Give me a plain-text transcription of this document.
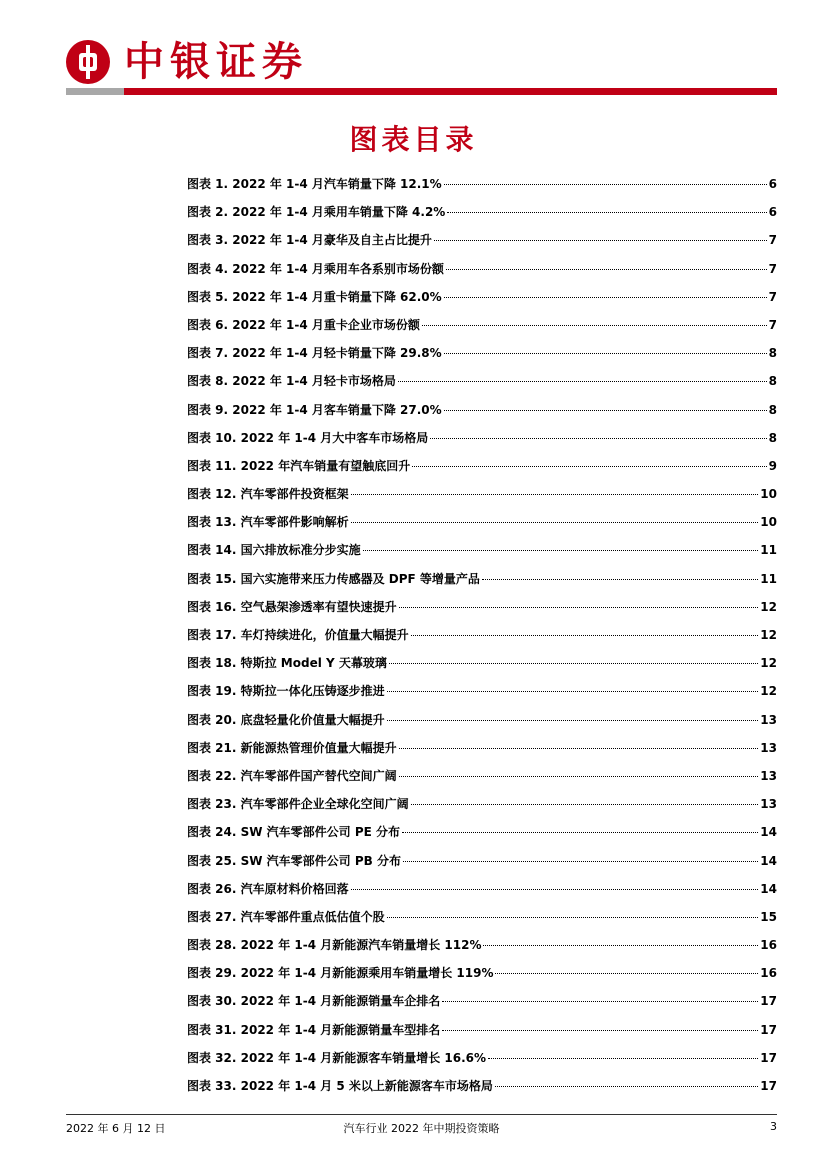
中银证券
图表目录
图表 1. 2022 年 1-4 月汽车销量下降 12.1%	6
图表 2. 2022 年 1-4 月乘用车销量下降 4.2%	6
图表 3. 2022 年 1-4 月豪华及自主占比提升	7
图表 4. 2022 年 1-4 月乘用车各系别市场份额	7
图表 5. 2022 年 1-4 月重卡销量下降 62.0%	7
图表 6. 2022 年 1-4 月重卡企业市场份额	7
图表 7. 2022 年 1-4 月轻卡销量下降 29.8%	8
图表 8. 2022 年 1-4 月轻卡市场格局	8
图表 9. 2022 年 1-4 月客车销量下降 27.0%	8
图表 10. 2022 年 1-4 月大中客车市场格局	8
图表 11. 2022 年汽车销量有望触底回升	9
图表 12. 汽车零部件投资框架	10
图表 13. 汽车零部件影响解析	10
图表 14. 国六排放标准分步实施	11
图表 15. 国六实施带来压力传感器及 DPF 等增量产品	11
图表 16. 空气悬架渗透率有望快速提升	12
图表 17. 车灯持续进化，价值量大幅提升	12
图表 18. 特斯拉 Model Y 天幕玻璃	12
图表 19. 特斯拉一体化压铸逐步推进	12
图表 20. 底盘轻量化价值量大幅提升	13
图表 21. 新能源热管理价值量大幅提升	13
图表 22. 汽车零部件国产替代空间广阔	13
图表 23. 汽车零部件企业全球化空间广阔	13
图表 24. SW 汽车零部件公司 PE 分布	14
图表 25. SW 汽车零部件公司 PB 分布	14
图表 26. 汽车原材料价格回落	14
图表 27. 汽车零部件重点低估值个股	15
图表 28. 2022 年 1-4 月新能源汽车销量增长 112%	16
图表 29. 2022 年 1-4 月新能源乘用车销量增长 119%	16
图表 30. 2022 年 1-4 月新能源销量车企排名	17
图表 31. 2022 年 1-4 月新能源销量车型排名	17
图表 32. 2022 年 1-4 月新能源客车销量增长 16.6%	17
图表 33. 2022 年 1-4 月 5 米以上新能源客车市场格局	17
2022 年 6 月 12 日	汽车行业 2022 年中期投资策略	3
